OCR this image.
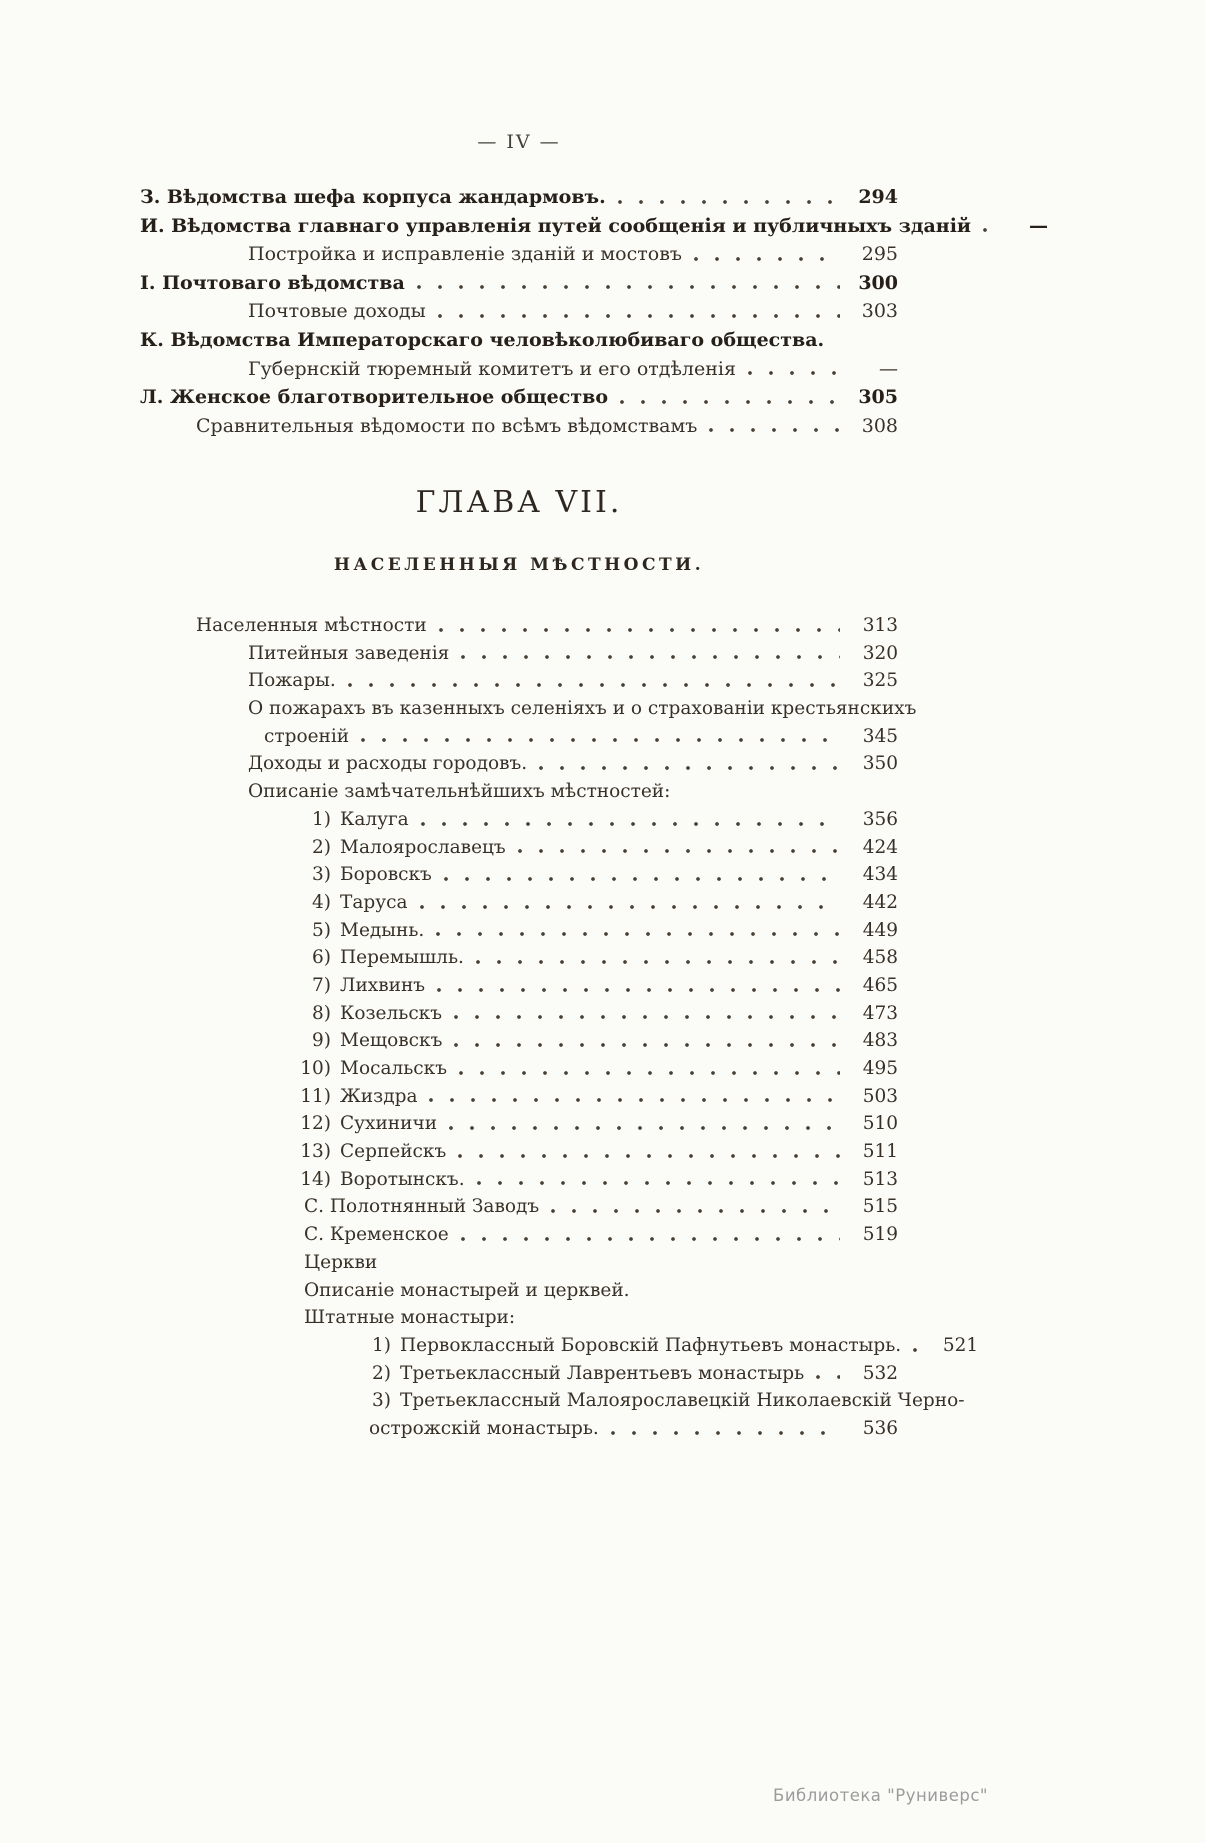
— IV —
З. Вѣдомства шефа корпуса жандармовъ.	294
И. Вѣдомства главнаго управленія путей сообщенія и публичныхъ зданій	—
Постройка и исправленіе зданій и мостовъ	295
І. Почтоваго вѣдомства	300
Почтовые доходы	303
К. Вѣдомства Императорскаго человѣколюбиваго общества.
Губернскій тюремный комитетъ и его отдѣленія	—
Л. Женское благотворительное общество	305
Сравнительныя вѣдомости по всѣмъ вѣдомствамъ	308
ГЛАВА VII.
НАСЕЛЕННЫЯ МѢСТНОСТИ.
Населенныя мѣстности	313
Питейныя заведенія	320
Пожары.	325
О пожарахъ въ казенныхъ селеніяхъ и о страхованіи крестьянскихъ
строеній	345
Доходы и расходы городовъ.	350
Описаніе замѣчательнѣйшихъ мѣстностей:
1) Калуга	356
2) Малоярославецъ	424
3) Боровскъ	434
4) Таруса	442
5) Медынь.	449
6) Перемышль.	458
7) Лихвинъ	465
8) Козельскъ	473
9) Мещовскъ	483
10) Мосальскъ	495
11) Жиздра	503
12) Сухиничи	510
13) Серпейскъ	511
14) Воротынскъ.	513
С. Полотнянный Заводъ	515
С. Кременское	519
Церкви
Описаніе монастырей и церквей.
Штатные монастыри:
1) Первоклассный Боровскій Пафнутьевъ монастырь.	521
2) Третьеклассный Лаврентьевъ монастырь	532
3) Третьеклассный Малоярославецкій Николаевскій Черно-
острожскій монастырь.	536
Библиотека "Руниверс"
